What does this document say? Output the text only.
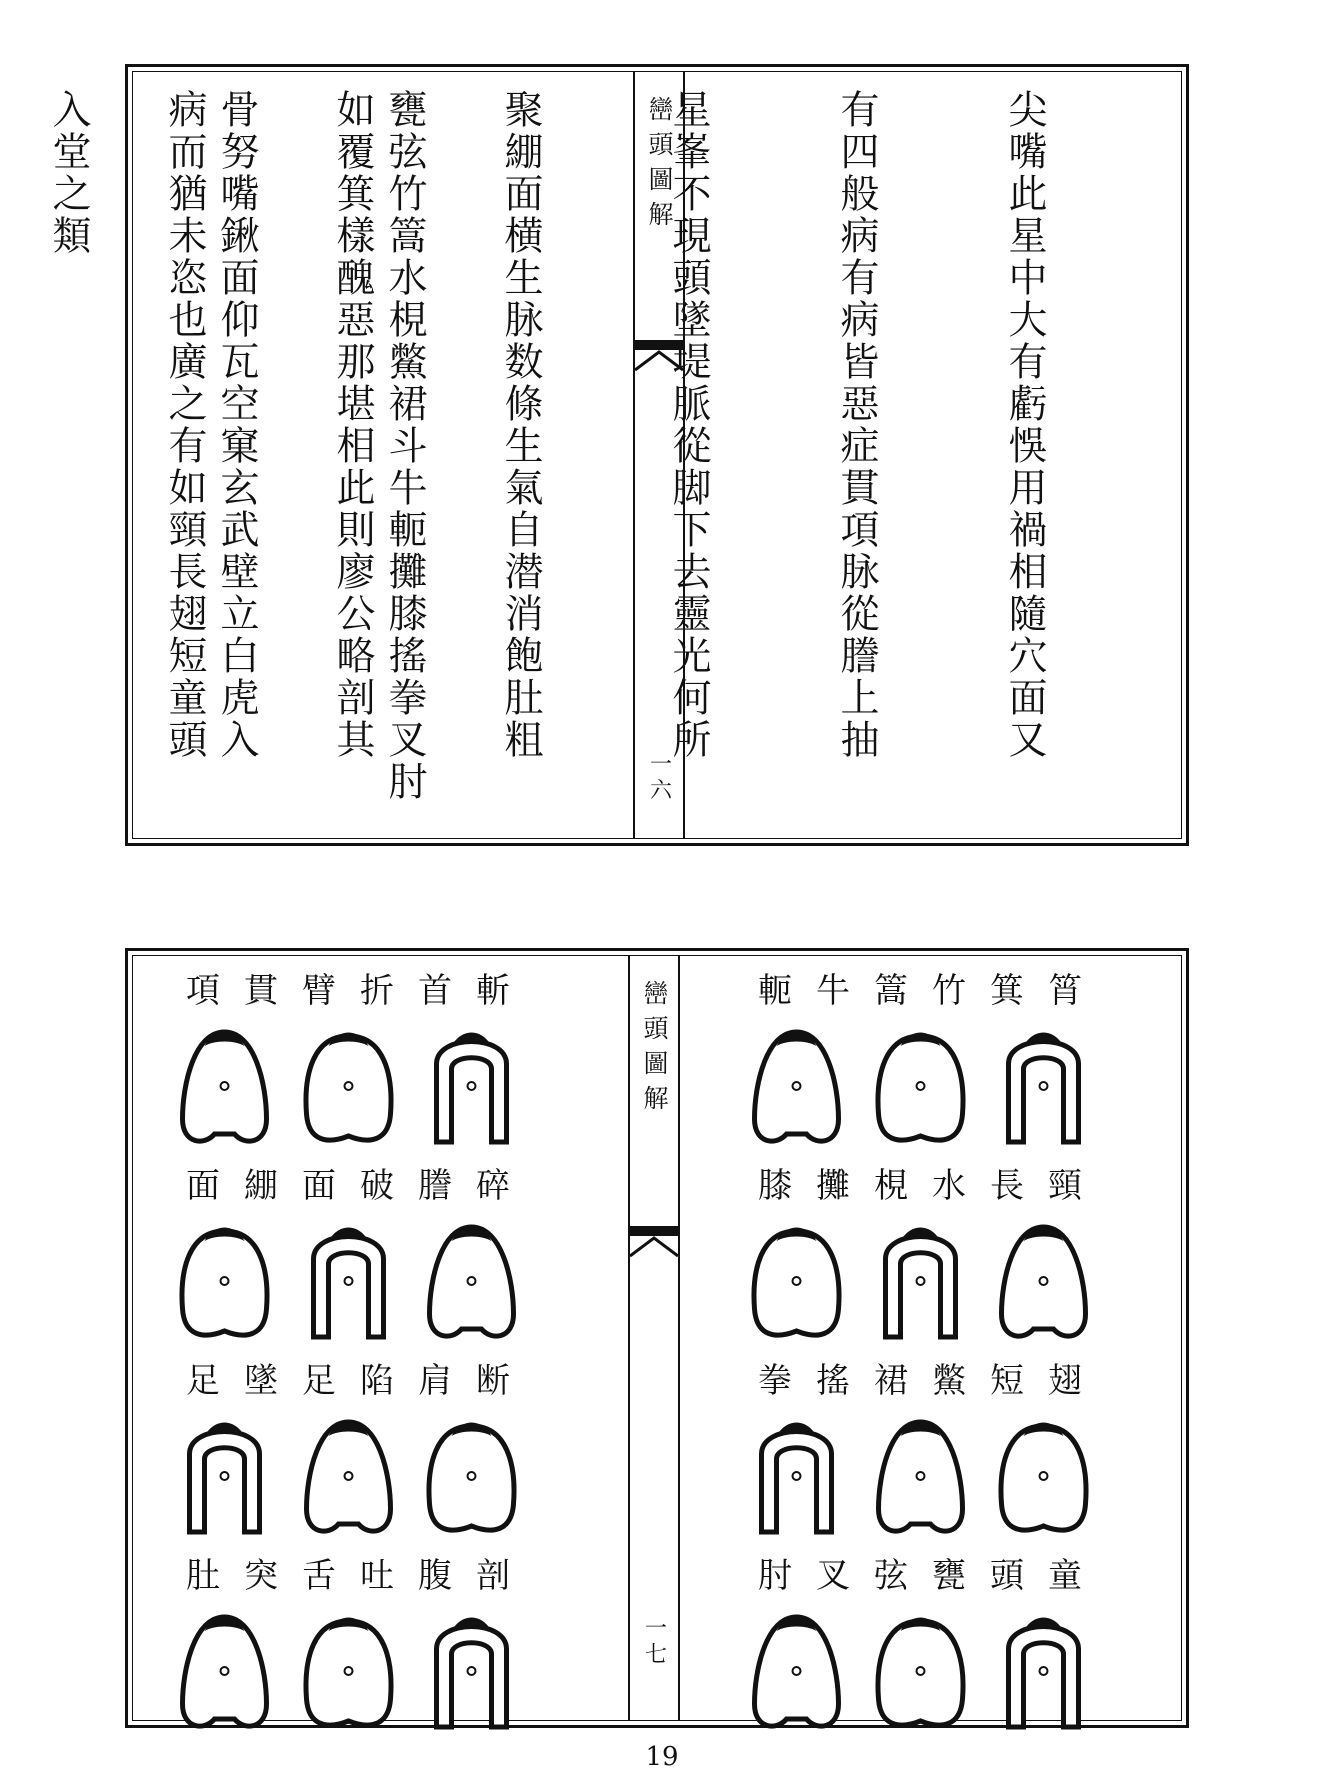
甕弦竹篙水梘鱉裙斗牛軛攤膝搖拳叉肘

骨努嘴鍬面仰瓦空窠玄武壁立白虎入

入堂之類

	巒頭圖解
一六

尖嘴此星中大有虧悞用禍相隨穴面又

有四般病有病皆惡症貫項脉從謄上抽

星峯不現頭墜堤脈從脚下去靈光何所

聚綳面横生脉数條生氣自潜消飽肚粗

如覆箕樣醜惡那堪相此則廖公略剖其

病而猶未恣也廣之有如頸長翅短童頭

項 貫 臂 折 首 斬
面 綳 面 破 謄 碎
足 墜 足 陷 肩 断
肚 突 舌 吐 腹 剖
巒頭圖解
一七
軛 牛 篙 竹 箕 筲
膝 攤 梘 水 長 頸
拳 搖 裙 鱉 短 翅
肘 叉 弦 甕 頭 童
19
